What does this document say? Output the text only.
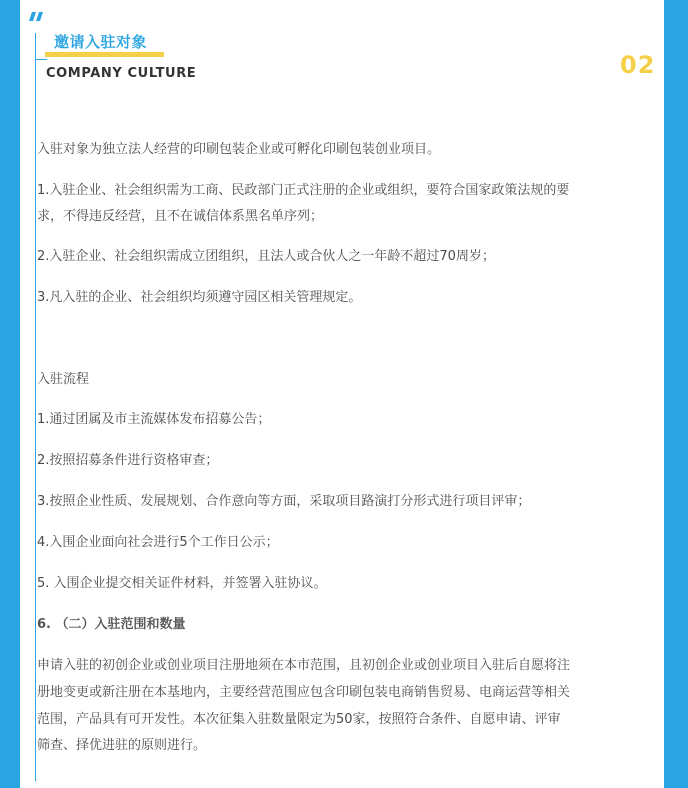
邀请入驻对象
COMPANY CULTURE	02

入驻对象为独立法人经营的印刷包装企业或可孵化印刷包装创业项目。

1.入驻企业、社会组织需为工商、民政部门正式注册的企业或组织，要符合国家政策法规的要

求，不得违反经营，且不在诚信体系黑名单序列；

2.入驻企业、社会组织需成立团组织，且法人或合伙人之一年龄不超过70周岁；

3.凡入驻的企业、社会组织均须遵守园区相关管理规定。

入驻流程

1.通过团属及市主流媒体发布招募公告；

2.按照招募条件进行资格审查；

3.按照企业性质、发展规划、合作意向等方面，采取项目路演打分形式进行项目评审；

4.入围企业面向社会进行5个工作日公示；

5. 入围企业提交相关证件材料，并签署入驻协议。

6. （二）入驻范围和数量

申请入驻的初创企业或创业项目注册地须在本市范围，且初创企业或创业项目入驻后自愿将注

册地变更或新注册在本基地内，主要经营范围应包含印刷包装电商销售贸易、电商运营等相关

范围，产品具有可开发性。本次征集入驻数量限定为50家，按照符合条件、自愿申请、评审

筛查、择优进驻的原则进行。
